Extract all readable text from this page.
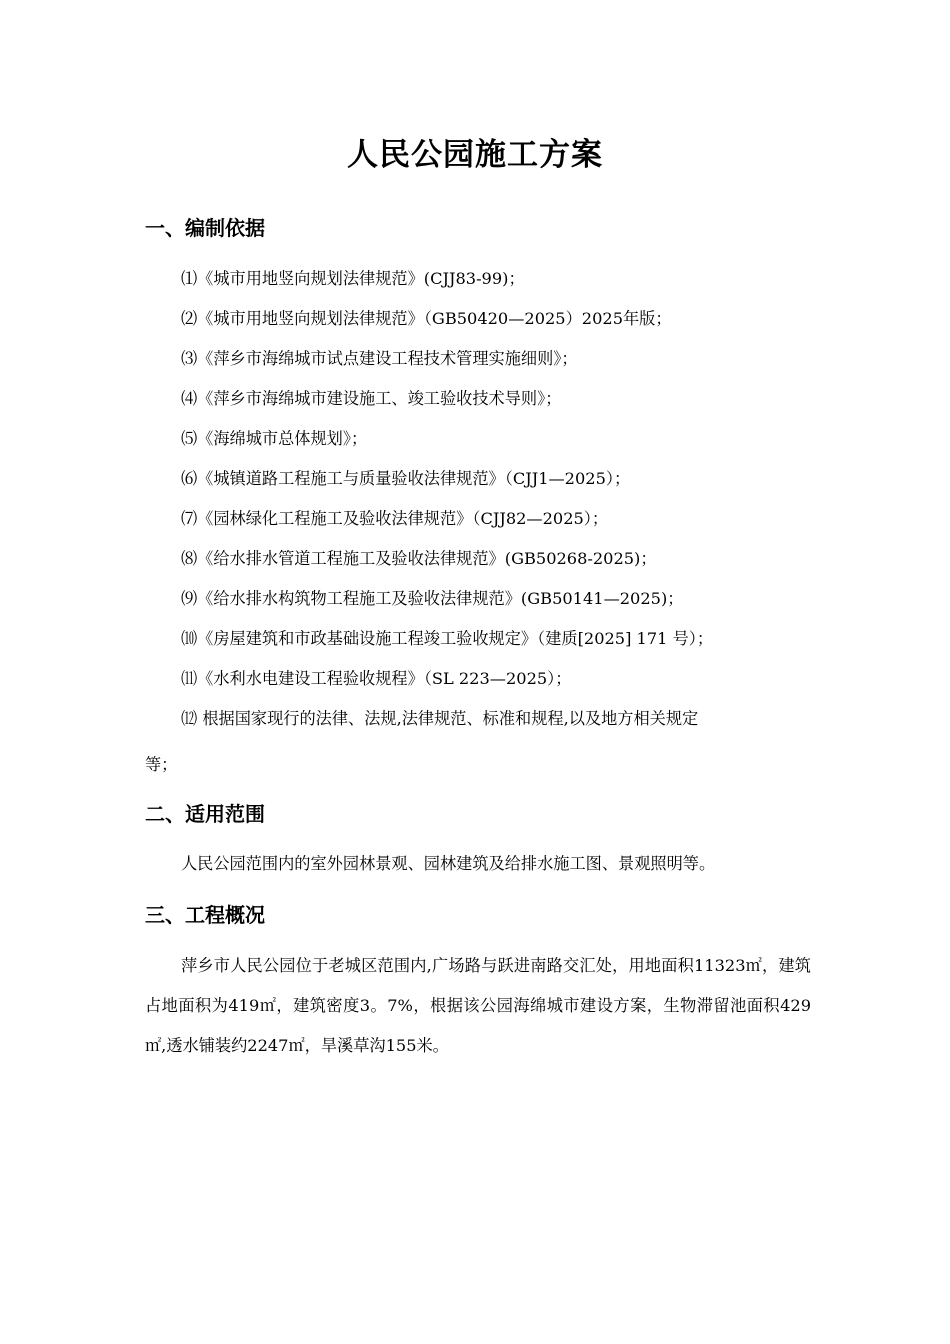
人民公园施工方案
一、编制依据
⑴《城市用地竖向规划法律规范》(CJJ83-99)；
⑵《城市用地竖向规划法律规范》（GB50420—2025）2025年版；
⑶《萍乡市海绵城市试点建设工程技术管理实施细则》；
⑷《萍乡市海绵城市建设施工、竣工验收技术导则》；
⑸《海绵城市总体规划》；
⑹《城镇道路工程施工与质量验收法律规范》（CJJ1—2025）；
⑺《园林绿化工程施工及验收法律规范》（CJJ82—2025）；
⑻《给水排水管道工程施工及验收法律规范》(GB50268-2025)；
⑼《给水排水构筑物工程施工及验收法律规范》(GB50141—2025)；
⑽《房屋建筑和市政基础设施工程竣工验收规定》（建质[2025] 171 号）；
⑾《水利水电建设工程验收规程》（SL 223—2025）；
⑿ 根据国家现行的法律、法规,法律规范、标准和规程,以及地方相关规定
等；
二、适用范围
人民公园范围内的室外园林景观、园林建筑及给排水施工图、景观照明等。
三、工程概况
萍乡市人民公园位于老城区范围内,广场路与跃进南路交汇处，用地面积11323㎡，建筑占地面积为419㎡，建筑密度3。7%，根据该公园海绵城市建设方案，生物滞留池面积429㎡,透水铺装约2247㎡，旱溪草沟155米。
